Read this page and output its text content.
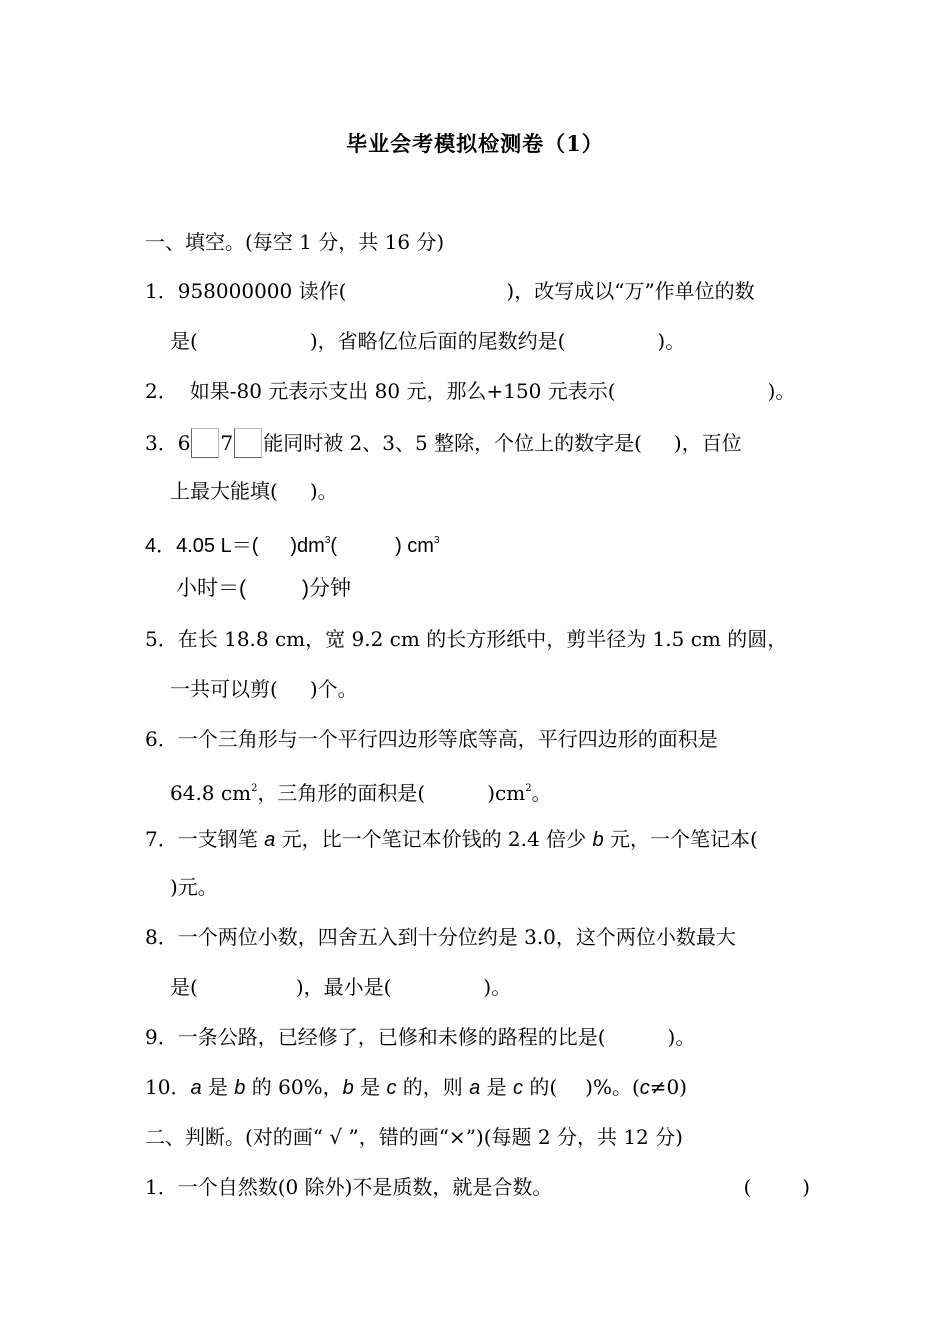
毕业会考模拟检测卷（1）
一、填空。(每空 1 分，共 16 分)
1．958000000 读作(	)，改写成以“万”作单位的数
是(	)，省略亿位后面的尾数约是(	)。
2． 如果-80 元表示支出 80 元，那么+150 元表示(	)。
3．6 7 能同时被 2、3、5 整除，个位上的数字是( )，百位
上最大能填( )。
4．4.05 L＝( )$dm^3$(	) $cm^3$
小时＝(	)分钟
5．在长 18.8 cm，宽 9.2 cm 的长方形纸中，剪半径为 1.5 cm 的圆，
一共可以剪( )个。
6．一个三角形与一个平行四边形等底等高，平行四边形的面积是
64.8 $cm^2$，三角形的面积是(	)$cm^2$。
7．一支钢笔 a 元，比一个笔记本价钱的 2.4 倍少 b 元，一个笔记本(
)元。
8．一个两位小数，四舍五入到十分位约是 3.0，这个两位小数最大
是(	)，最小是(	)。
9．一条公路，已经修了，已修和未修的路程的比是(	)。
10．a 是 b 的 60%，b 是 c 的，则 a 是 c 的( )%。(c≠0)
二、判断。(对的画“ √ ”，错的画“×”)(每题 2 分，共 12 分)
1．一个自然数(0 除外)不是质数，就是合数。	(        )
